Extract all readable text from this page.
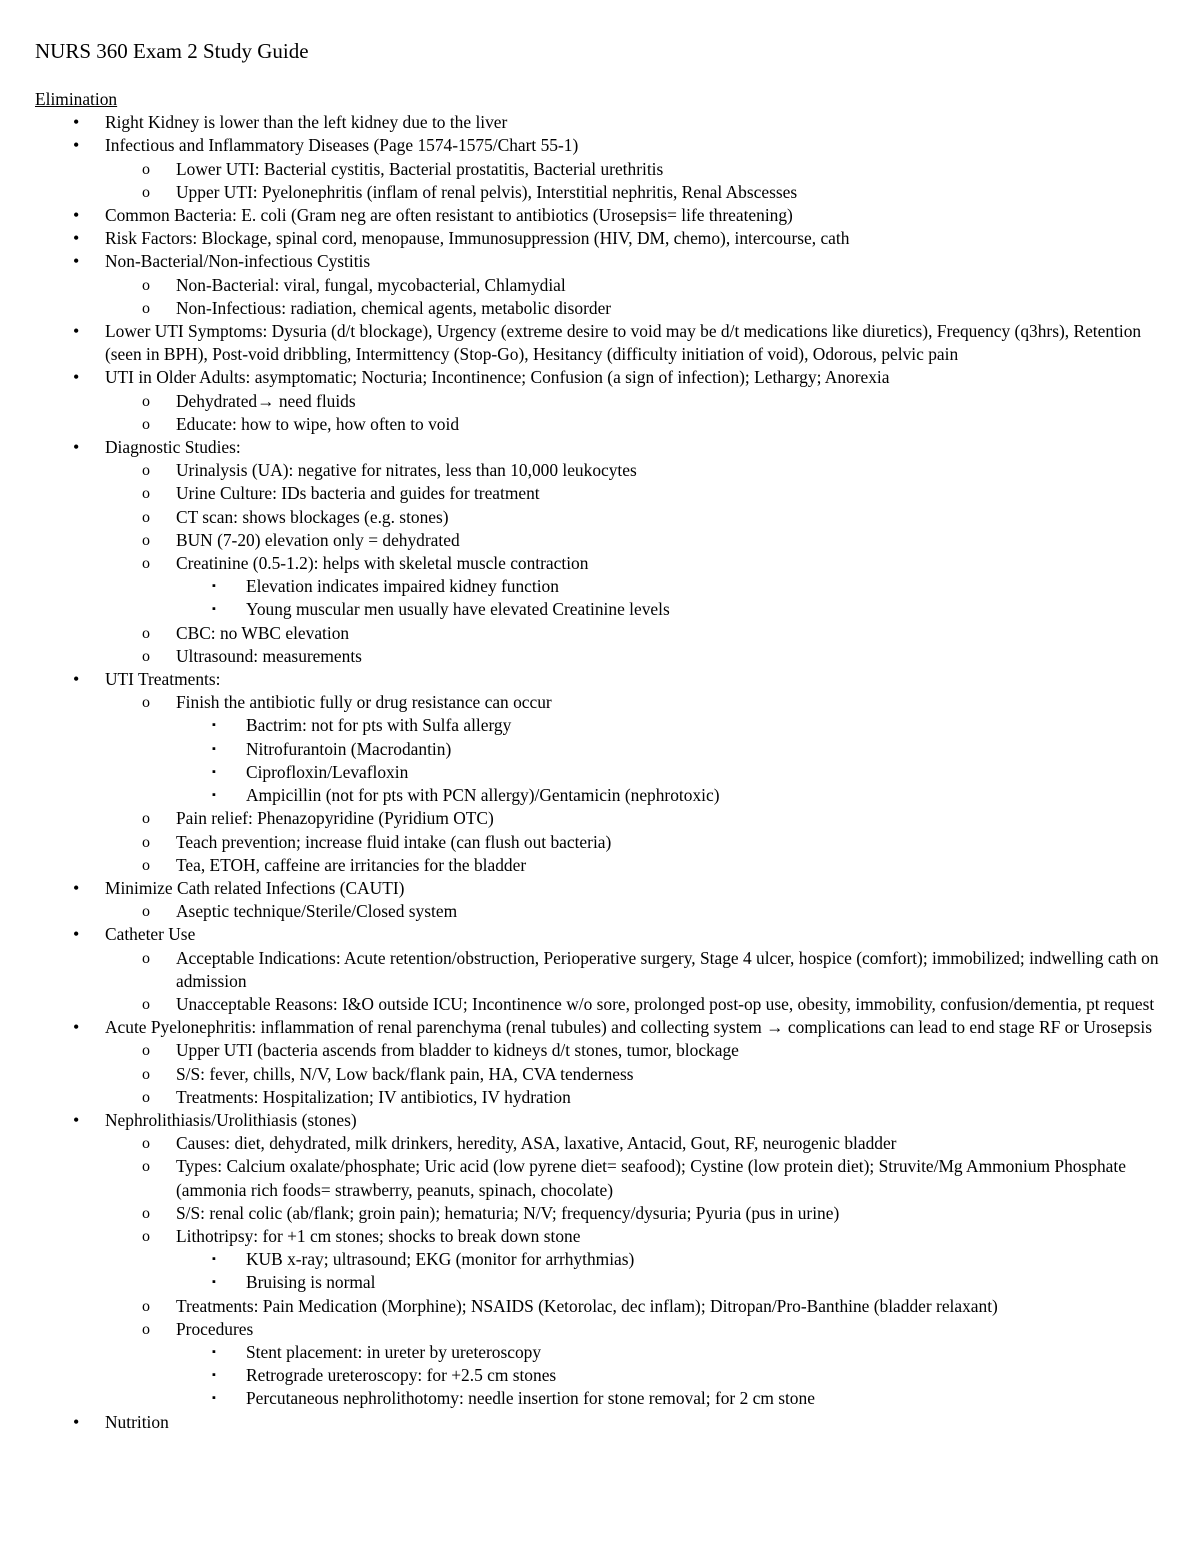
NURS 360 Exam 2 Study Guide

Elimination

• Right Kidney is lower than the left kidney due to the liver
• Infectious and Inflammatory Diseases (Page 1574-1575/Chart 55-1)
o Lower UTI: Bacterial cystitis, Bacterial prostatitis, Bacterial urethritis
o Upper UTI: Pyelonephritis (inflam of renal pelvis), Interstitial nephritis, Renal Abscesses
• Common Bacteria: E. coli (Gram neg are often resistant to antibiotics (Urosepsis= life threatening)
• Risk Factors: Blockage, spinal cord, menopause, Immunosuppression (HIV, DM, chemo), intercourse, cath
• Non-Bacterial/Non-infectious Cystitis
o Non-Bacterial: viral, fungal, mycobacterial, Chlamydial
o Non-Infectious: radiation, chemical agents, metabolic disorder
• Lower UTI Symptoms: Dysuria (d/t blockage), Urgency (extreme desire to void may be d/t medications like diuretics), Frequency (q3hrs), Retention (seen in BPH), Post-void dribbling, Intermittency (Stop-Go), Hesitancy (difficulty initiation of void), Odorous, pelvic pain
• UTI in Older Adults: asymptomatic; Nocturia; Incontinence; Confusion (a sign of infection); Lethargy; Anorexia
o Dehydrated→ need fluids
o Educate: how to wipe, how often to void
• Diagnostic Studies:
o Urinalysis (UA): negative for nitrates, less than 10,000 leukocytes
o Urine Culture: IDs bacteria and guides for treatment
o CT scan: shows blockages (e.g. stones)
o BUN (7-20) elevation only = dehydrated
o Creatinine (0.5-1.2): helps with skeletal muscle contraction
▪ Elevation indicates impaired kidney function
▪ Young muscular men usually have elevated Creatinine levels
o CBC: no WBC elevation
o Ultrasound: measurements
• UTI Treatments:
o Finish the antibiotic fully or drug resistance can occur
▪ Bactrim: not for pts with Sulfa allergy
▪ Nitrofurantoin (Macrodantin)
▪ Ciprofloxin/Levafloxin
▪ Ampicillin (not for pts with PCN allergy)/Gentamicin (nephrotoxic)
o Pain relief: Phenazopyridine (Pyridium OTC)
o Teach prevention; increase fluid intake (can flush out bacteria)
o Tea, ETOH, caffeine are irritancies for the bladder
• Minimize Cath related Infections (CAUTI)
o Aseptic technique/Sterile/Closed system
• Catheter Use
o Acceptable Indications: Acute retention/obstruction, Perioperative surgery, Stage 4 ulcer, hospice (comfort); immobilized; indwelling cath on admission
o Unacceptable Reasons: I&O outside ICU; Incontinence w/o sore, prolonged post-op use, obesity, immobility, confusion/dementia, pt request
• Acute Pyelonephritis: inflammation of renal parenchyma (renal tubules) and collecting system → complications can lead to end stage RF or Urosepsis
o Upper UTI (bacteria ascends from bladder to kidneys d/t stones, tumor, blockage
o S/S: fever, chills, N/V, Low back/flank pain, HA, CVA tenderness
o Treatments: Hospitalization; IV antibiotics, IV hydration
• Nephrolithiasis/Urolithiasis (stones)
o Causes: diet, dehydrated, milk drinkers, heredity, ASA, laxative, Antacid, Gout, RF, neurogenic bladder
o Types: Calcium oxalate/phosphate; Uric acid (low pyrene diet= seafood); Cystine (low protein diet); Struvite/Mg Ammonium Phosphate (ammonia rich foods= strawberry, peanuts, spinach, chocolate)
o S/S: renal colic (ab/flank; groin pain); hematuria; N/V; frequency/dysuria; Pyuria (pus in urine)
o Lithotripsy: for +1 cm stones; shocks to break down stone
▪ KUB x-ray; ultrasound; EKG (monitor for arrhythmias)
▪ Bruising is normal
o Treatments: Pain Medication (Morphine); NSAIDS (Ketorolac, dec inflam); Ditropan/Pro-Banthine (bladder relaxant)
o Procedures
▪ Stent placement: in ureter by ureteroscopy
▪ Retrograde ureteroscopy: for +2.5 cm stones
▪ Percutaneous nephrolithotomy: needle insertion for stone removal; for 2 cm stone
• Nutrition
